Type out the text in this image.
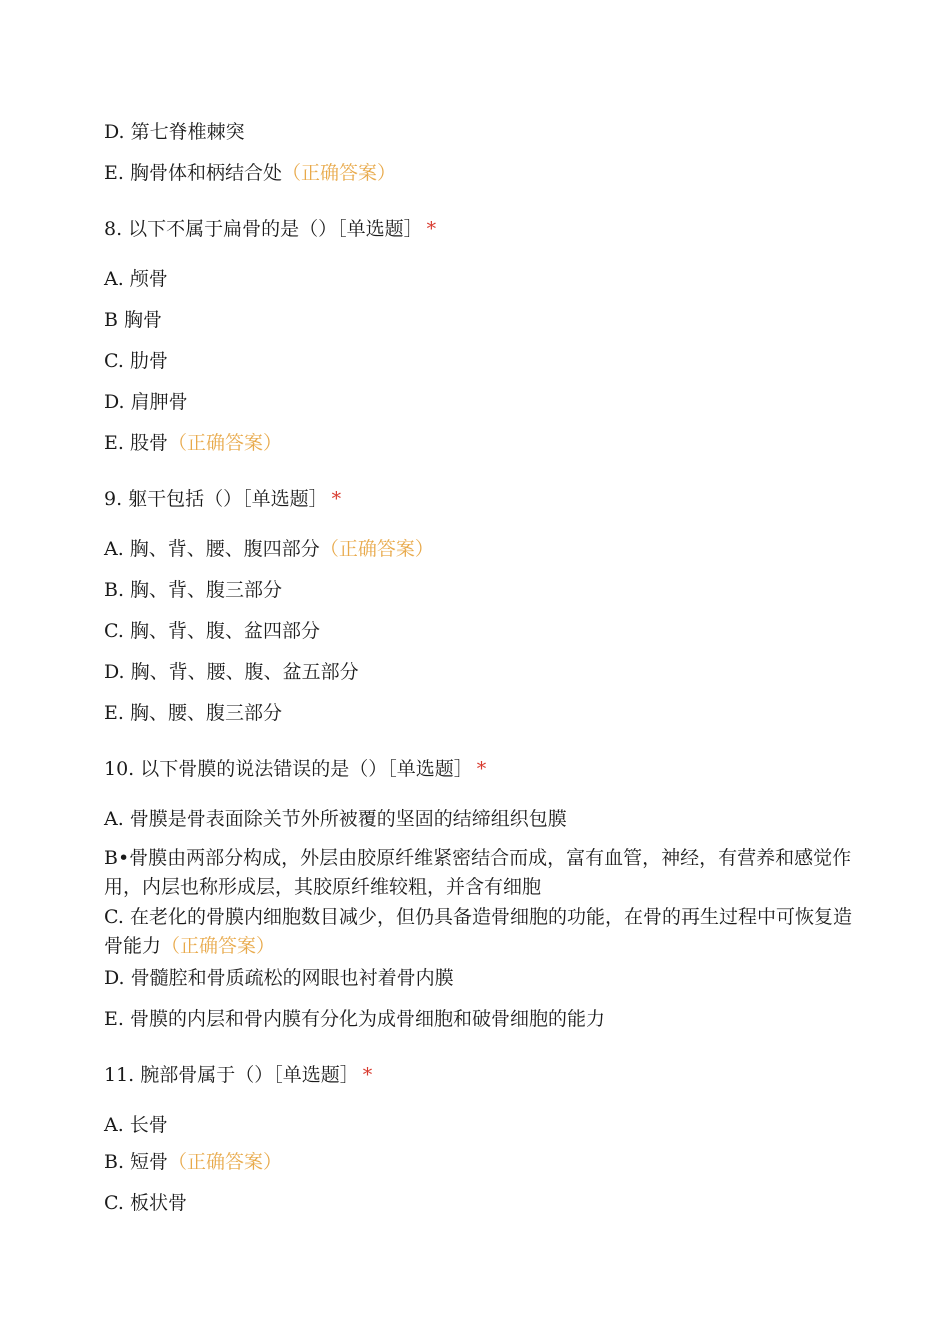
D. 第七脊椎棘突
E. 胸骨体和柄结合处（正确答案）
8. 以下不属于扁骨的是（）［单选题］ *
A. 颅骨
B 胸骨
C. 肋骨
D. 肩胛骨
E. 股骨（正确答案）
9. 躯干包括（）［单选题］ *
A. 胸、背、腰、腹四部分（正确答案）
B. 胸、背、腹三部分
C. 胸、背、腹、盆四部分
D. 胸、背、腰、腹、盆五部分
E. 胸、腰、腹三部分
10. 以下骨膜的说法错误的是（）［单选题］ *
A. 骨膜是骨表面除关节外所被覆的坚固的结缔组织包膜
B•骨膜由两部分构成，外层由胶原纤维紧密结合而成，富有血管，神经，有营养和感觉作用，内层也称形成层，其胶原纤维较粗，并含有细胞
C. 在老化的骨膜内细胞数目减少，但仍具备造骨细胞的功能，在骨的再生过程中可恢复造骨能力（正确答案）
D. 骨髓腔和骨质疏松的网眼也衬着骨内膜
E. 骨膜的内层和骨内膜有分化为成骨细胞和破骨细胞的能力
11. 腕部骨属于（）［单选题］ *
A. 长骨
B. 短骨（正确答案）
C. 板状骨
